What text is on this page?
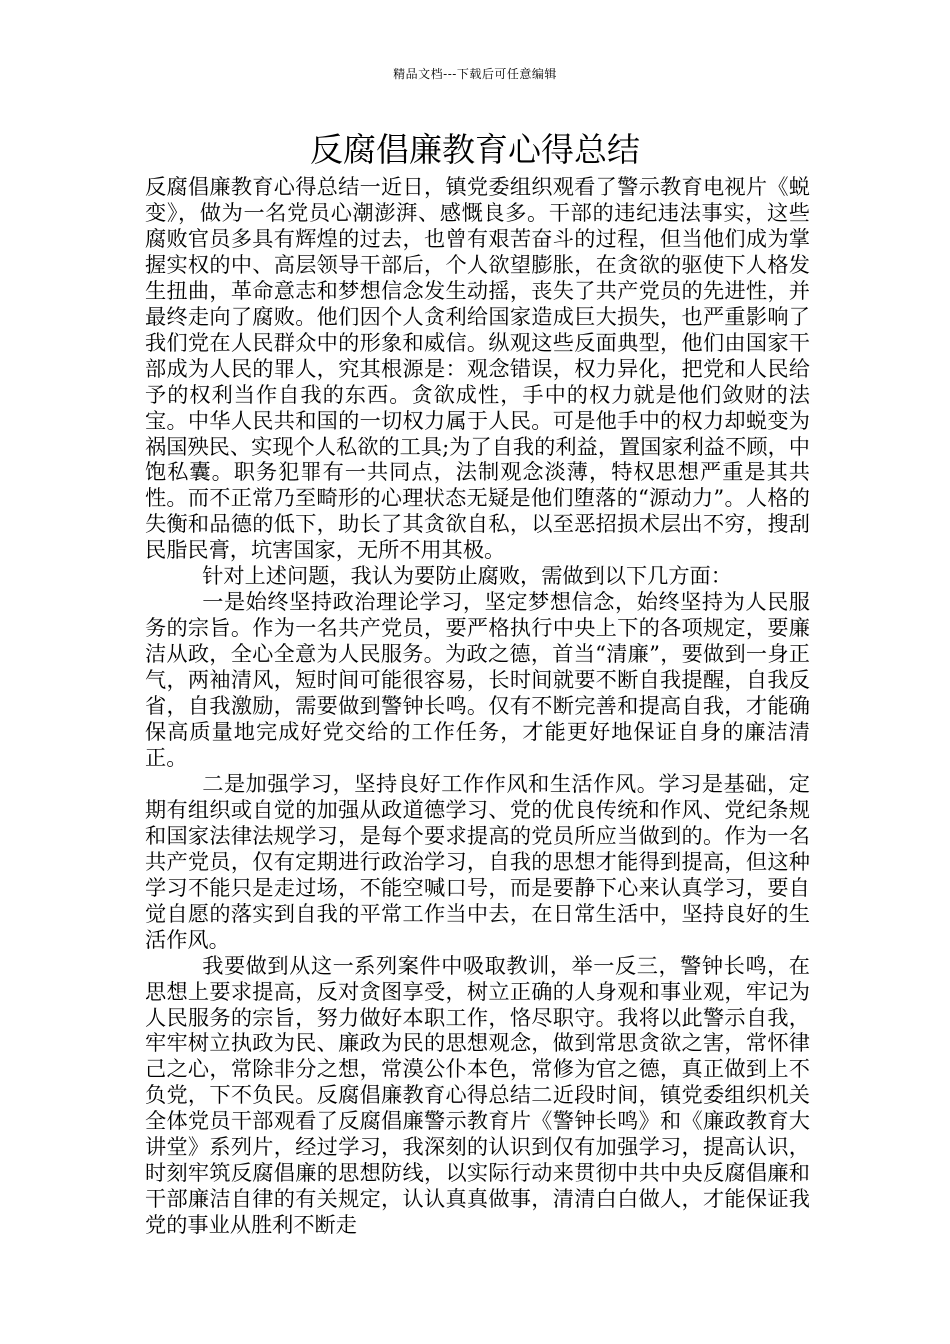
精品文档---下载后可任意编辑
反腐倡廉教育心得总结

反腐倡廉教育心得总结一近日，镇党委组织观看了警示教育电视片《蜕变》，做为一名党员心潮澎湃、感慨良多。干部的违纪违法事实，这些腐败官员多具有辉煌的过去，也曾有艰苦奋斗的过程，但当他们成为掌握实权的中、高层领导干部后，个人欲望膨胀，在贪欲的驱使下人格发生扭曲，革命意志和梦想信念发生动摇，丧失了共产党员的先进性，并最终走向了腐败。他们因个人贪利给国家造成巨大损失，也严重影响了我们党在人民群众中的形象和威信。纵观这些反面典型，他们由国家干部成为人民的罪人，究其根源是：观念错误，权力异化，把党和人民给予的权利当作自我的东西。贪欲成性，手中的权力就是他们敛财的法宝。中华人民共和国的一切权力属于人民。可是他手中的权力却蜕变为祸国殃民、实现个人私欲的工具;为了自我的利益，置国家利益不顾，中饱私囊。职务犯罪有一共同点，法制观念淡薄，特权思想严重是其共性。而不正常乃至畸形的心理状态无疑是他们堕落的“源动力”。人格的失衡和品德的低下，助长了其贪欲自私，以至恶招损术层出不穷，搜刮民脂民膏，坑害国家，无所不用其极。

针对上述问题，我认为要防止腐败，需做到以下几方面：

一是始终坚持政治理论学习，坚定梦想信念，始终坚持为人民服务的宗旨。作为一名共产党员，要严格执行中央上下的各项规定，要廉洁从政，全心全意为人民服务。为政之德，首当“清廉”，要做到一身正气，两袖清风，短时间可能很容易，长时间就要不断自我提醒，自我反省，自我激励，需要做到警钟长鸣。仅有不断完善和提高自我，才能确保高质量地完成好党交给的工作任务，才能更好地保证自身的廉洁清正。

二是加强学习，坚持良好工作作风和生活作风。学习是基础，定期有组织或自觉的加强从政道德学习、党的优良传统和作风、党纪条规和国家法律法规学习，是每个要求提高的党员所应当做到的。作为一名共产党员，仅有定期进行政治学习，自我的思想才能得到提高，但这种学习不能只是走过场，不能空喊口号，而是要静下心来认真学习，要自觉自愿的落实到自我的平常工作当中去，在日常生活中，坚持良好的生活作风。

我要做到从这一系列案件中吸取教训，举一反三，警钟长鸣，在思想上要求提高，反对贪图享受，树立正确的人身观和事业观，牢记为人民服务的宗旨，努力做好本职工作，恪尽职守。我将以此警示自我，牢牢树立执政为民、廉政为民的思想观念，做到常思贪欲之害，常怀律己之心，常除非分之想，常漠公仆本色，常修为官之德，真正做到上不负党，下不负民。反腐倡廉教育心得总结二近段时间，镇党委组织机关全体党员干部观看了反腐倡廉警示教育片《警钟长鸣》和《廉政教育大讲堂》系列片，经过学习，我深刻的认识到仅有加强学习，提高认识，时刻牢筑反腐倡廉的思想防线，以实际行动来贯彻中共中央反腐倡廉和干部廉洁自律的有关规定，认认真真做事，清清白白做人，才能保证我党的事业从胜利不断走
